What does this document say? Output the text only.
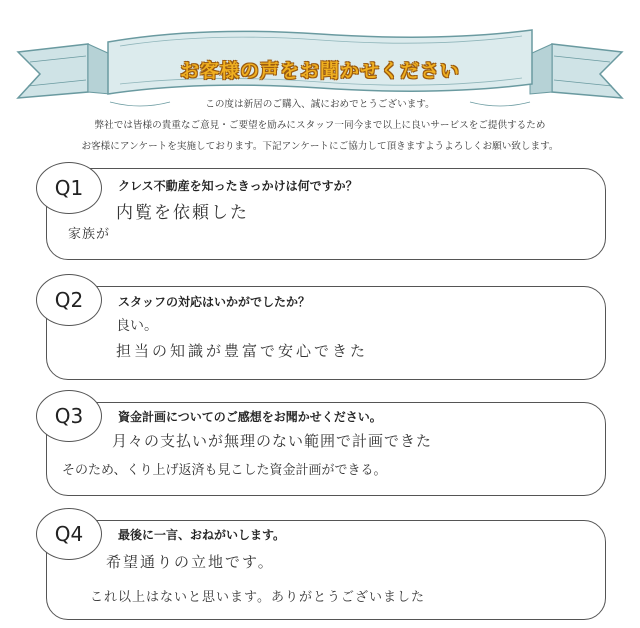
お客様の声をお聞かせください
この度は新居のご購入、誠におめでとうございます。
弊社では皆様の貴重なご意見・ご要望を励みにスタッフ一同今まで以上に良いサービスをご提供するため
お客様にアンケートを実施しております。下記アンケートにご協力して頂きますようよろしくお願い致します。
Q1	クレス不動産を知ったきっかけは何ですか？
内覧を依頼した
家族が
Q2	スタッフの対応はいかがでしたか？
良い。
担当の知識が豊富で安心できた
Q3	資金計画についてのご感想をお聞かせください。
月々の支払いが無理のない範囲で計画できた
そのため、くり上げ返済も見こした資金計画ができる。
Q4	最後に一言、おねがいします。
希望通りの立地です。
これ以上はないと思います。ありがとうございました
